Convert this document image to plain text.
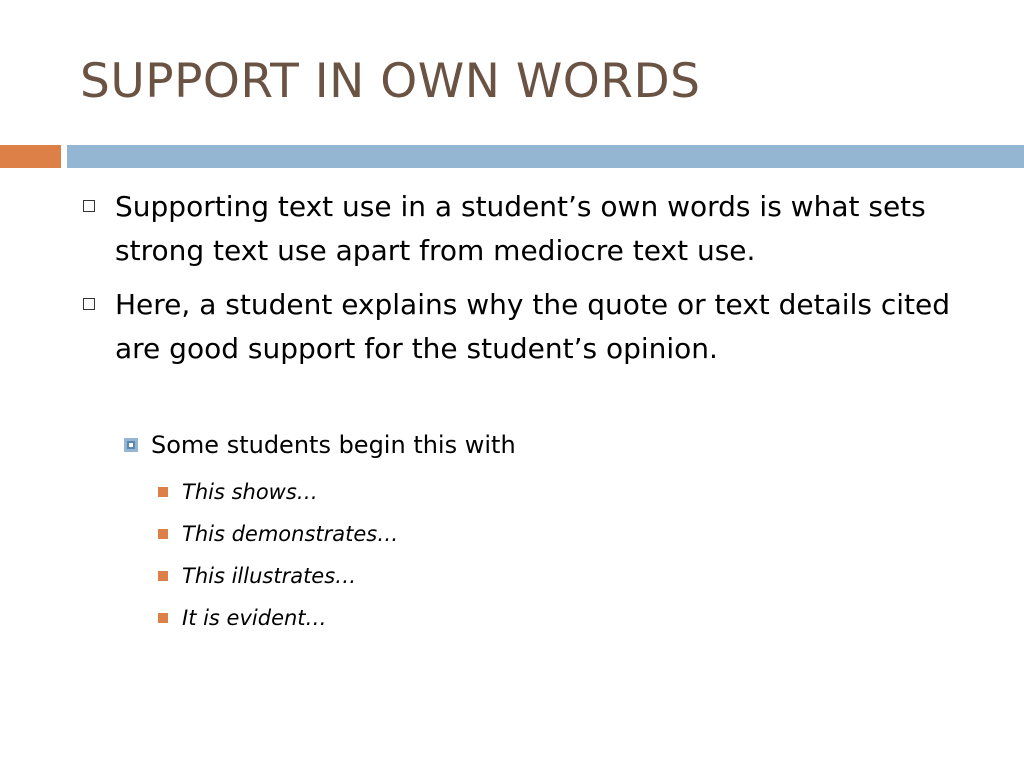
SUPPORT IN OWN WORDS
Supporting text use in a student’s own words is what sets strong text use apart from mediocre text use.
Here, a student explains why the quote or text details cited are good support for the student’s opinion.
Some students begin this with
This shows…
This demonstrates…
This illustrates…
It is evident…
